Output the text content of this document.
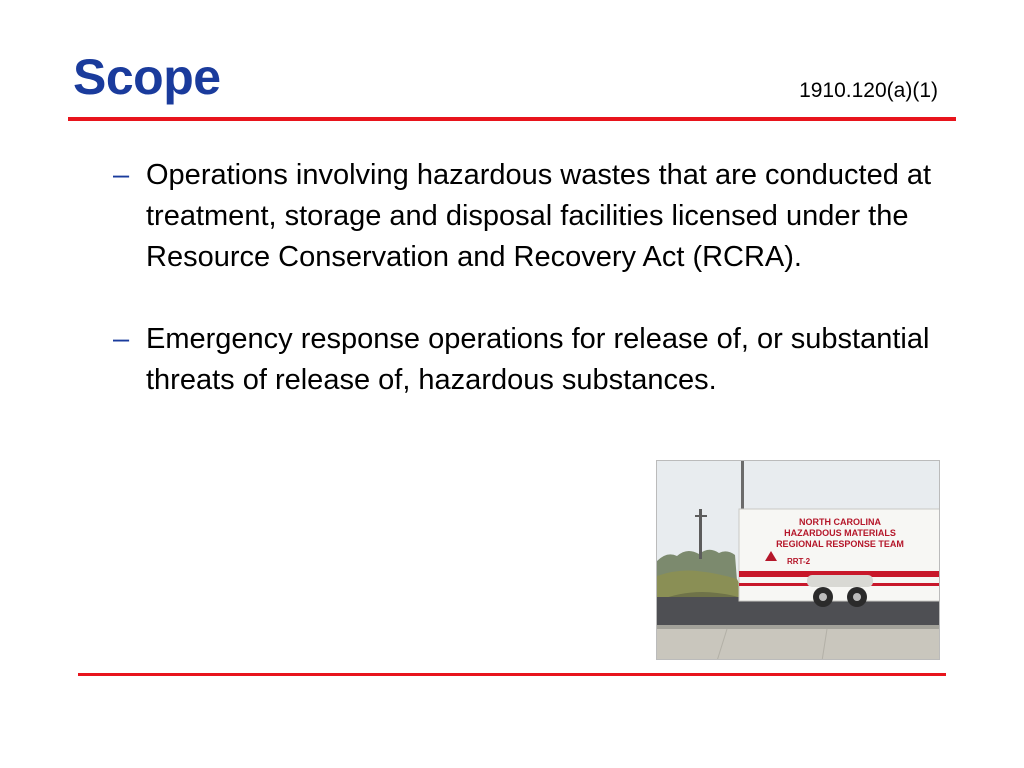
Scope	1910.120(a)(1)
– Operations involving hazardous wastes that are conducted at treatment, storage and disposal facilities licensed under the Resource Conservation and Recovery Act (RCRA).
– Emergency response operations for release of, or substantial threats of release of, hazardous substances.
NORTH CAROLINA
HAZARDOUS MATERIALS
REGIONAL RESPONSE TEAM
RRT-2
